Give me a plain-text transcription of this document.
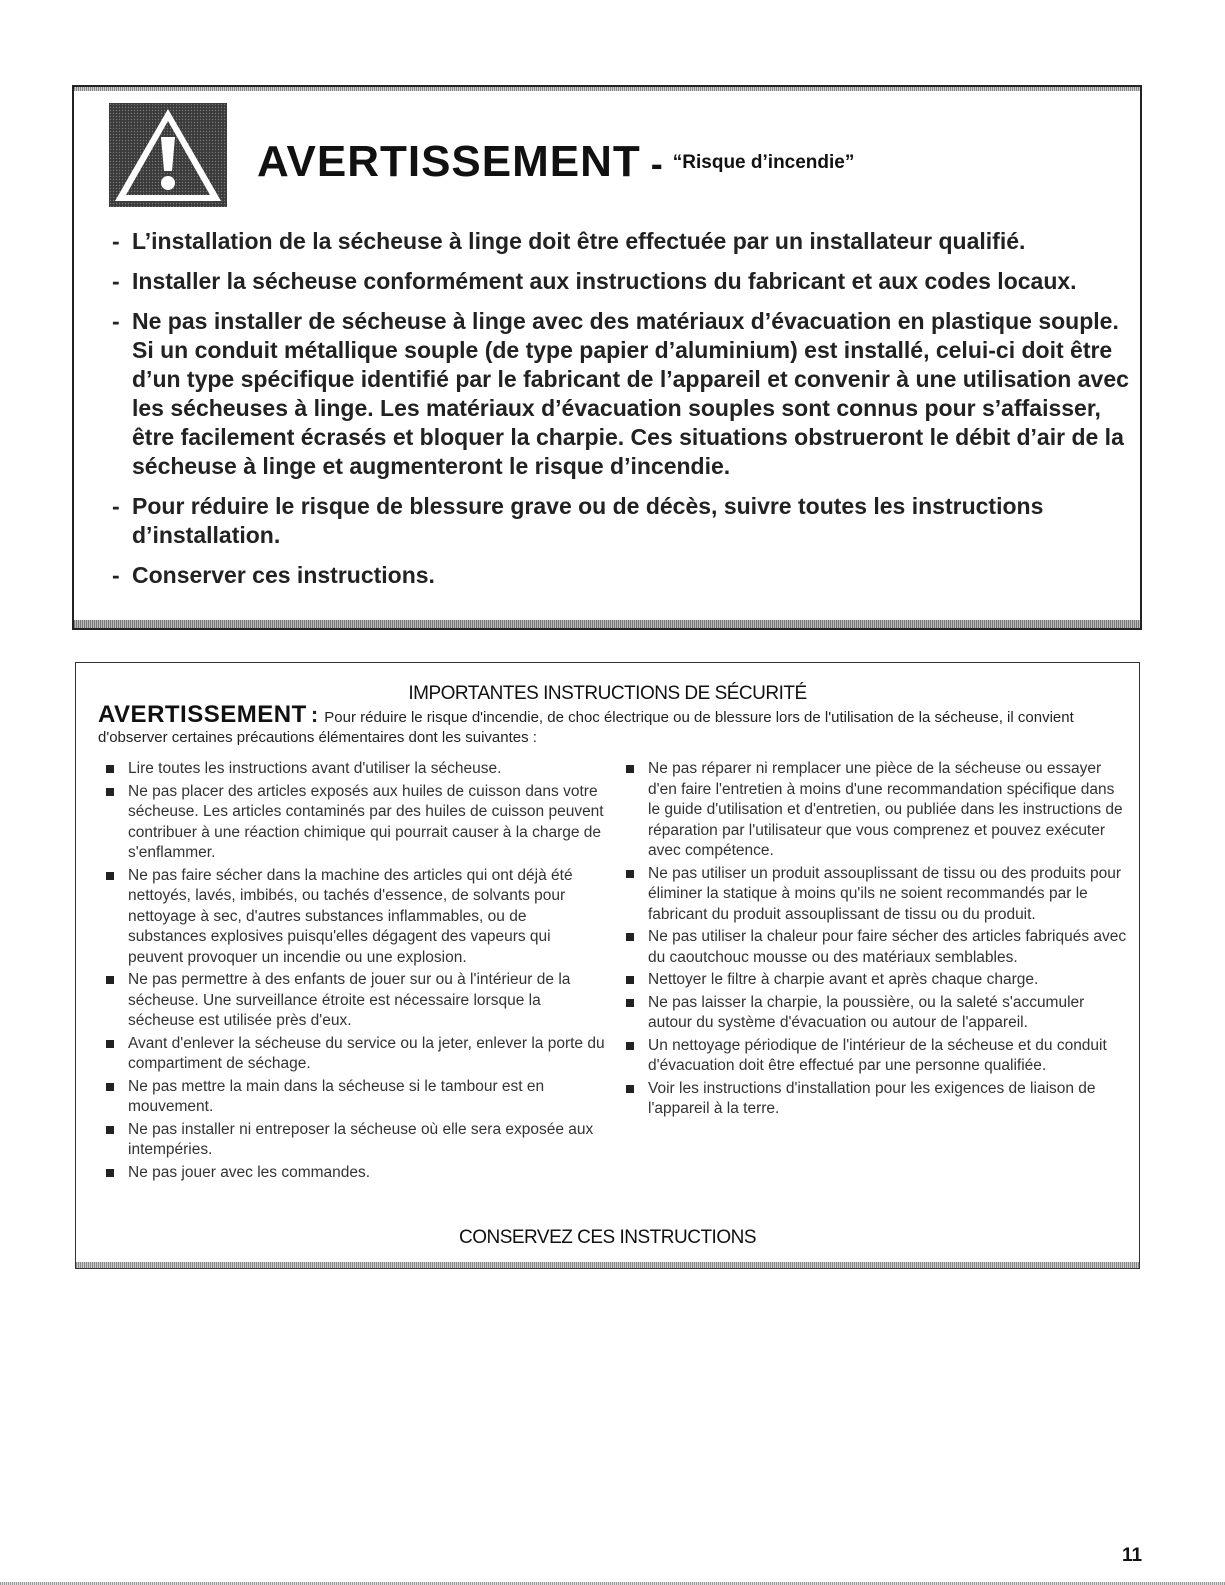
AVERTISSEMENT - “Risque d’incendie”
- L’installation de la sécheuse à linge doit être effectuée par un installateur qualifié.
- Installer la sécheuse conformément aux instructions du fabricant et aux codes locaux.
- Ne pas installer de sécheuse à linge avec des matériaux d’évacuation en plastique souple. Si un conduit métallique souple (de type papier d’aluminium) est installé, celui-ci doit être d’un type spécifique identifié par le fabricant de l’appareil et convenir à une utilisation avec les sécheuses à linge. Les matériaux d’évacuation souples sont connus pour s’affaisser, être facilement écrasés et bloquer la charpie. Ces situations obstrueront le débit d’air de la sécheuse à linge et augmenteront le risque d’incendie.
- Pour réduire le risque de blessure grave ou de décès, suivre toutes les instructions d’installation.
- Conserver ces instructions.
IMPORTANTES INSTRUCTIONS DE SÉCURITÉ
AVERTISSEMENT : Pour réduire le risque d'incendie, de choc électrique ou de blessure lors de l'utilisation de la sécheuse, il convient d'observer certaines précautions élémentaires dont les suivantes :
Lire toutes les instructions avant d'utiliser la sécheuse.
Ne pas placer des articles exposés aux huiles de cuisson dans votre sécheuse. Les articles contaminés par des huiles de cuisson peuvent contribuer à une réaction chimique qui pourrait causer à la charge de s'enflammer.
Ne pas faire sécher dans la machine des articles qui ont déjà été nettoyés, lavés, imbibés, ou tachés d'essence, de solvants pour nettoyage à sec, d'autres substances inflammables, ou de substances explosives puisqu'elles dégagent des vapeurs qui peuvent provoquer un incendie ou une explosion.
Ne pas permettre à des enfants de jouer sur ou à l'intérieur de la sécheuse. Une surveillance étroite est nécessaire lorsque la sécheuse est utilisée près d'eux.
Avant d'enlever la sécheuse du service ou la jeter, enlever la porte du compartiment de séchage.
Ne pas mettre la main dans la sécheuse si le tambour est en mouvement.
Ne pas installer ni entreposer la sécheuse où elle sera exposée aux intempéries.
Ne pas jouer avec les commandes.
Ne pas réparer ni remplacer une pièce de la sécheuse ou essayer d'en faire l'entretien à moins d'une recommandation spécifique dans le guide d'utilisation et d'entretien, ou publiée dans les instructions de réparation par l'utilisateur que vous comprenez et pouvez exécuter avec compétence.
Ne pas utiliser un produit assouplissant de tissu ou des produits pour éliminer la statique à moins qu'ils ne soient recommandés par le fabricant du produit assouplissant de tissu ou du produit.
Ne pas utiliser la chaleur pour faire sécher des articles fabriqués avec du caoutchouc mousse ou des matériaux semblables.
Nettoyer le filtre à charpie avant et après chaque charge.
Ne pas laisser la charpie, la poussière, ou la saleté s'accumuler autour du système d'évacuation ou autour de l'appareil.
Un nettoyage périodique de l'intérieur de la sécheuse et du conduit d'évacuation doit être effectué par une personne qualifiée.
Voir les instructions d'installation pour les exigences de liaison de l'appareil à la terre.
CONSERVEZ CES INSTRUCTIONS
11
